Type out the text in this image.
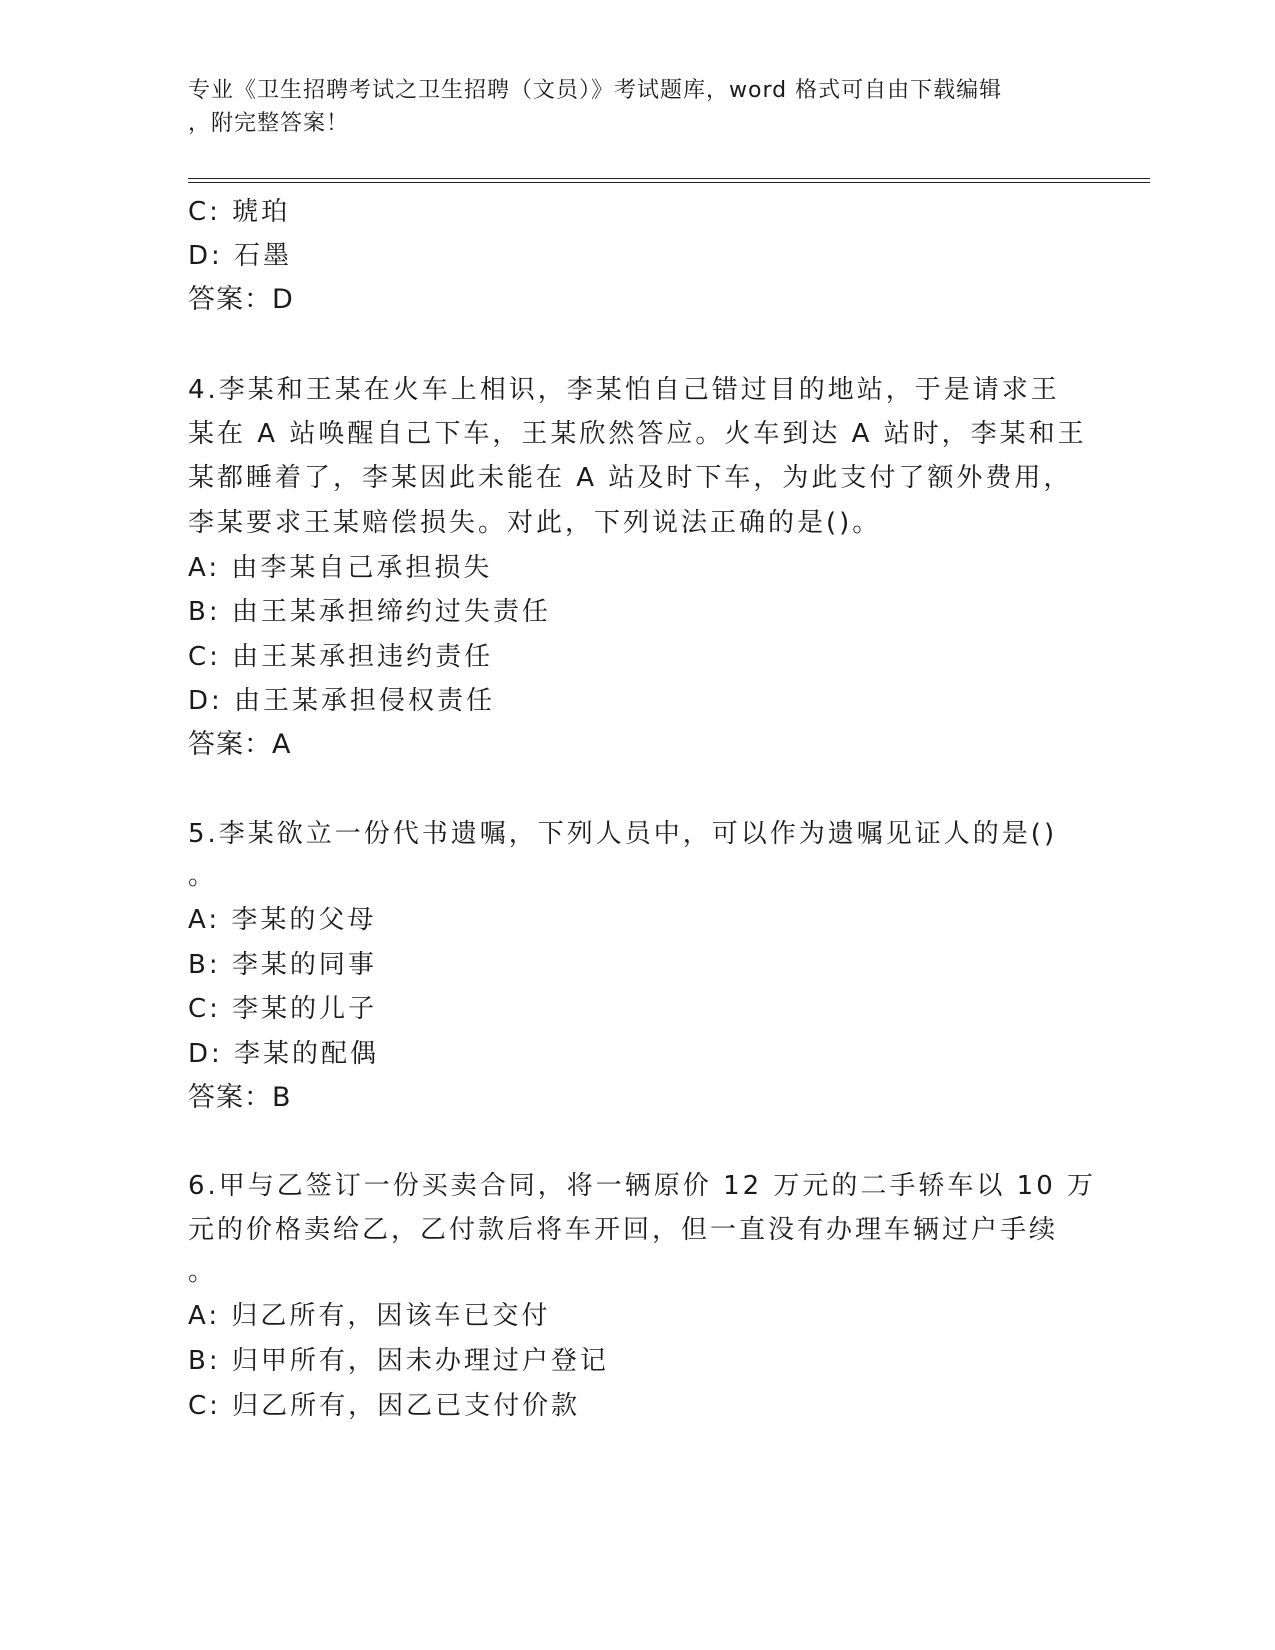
专业《卫生招聘考试之卫生招聘（文员）》考试题库，word 格式可自由下载编辑
，附完整答案！
C: 琥珀
D: 石墨
答案：D
4.李某和王某在火车上相识，李某怕自己错过目的地站，于是请求王
某在 A 站唤醒自己下车，王某欣然答应。火车到达 A 站时，李某和王
某都睡着了，李某因此未能在 A 站及时下车，为此支付了额外费用，
李某要求王某赔偿损失。对此，下列说法正确的是()。
A: 由李某自己承担损失
B: 由王某承担缔约过失责任
C: 由王某承担违约责任
D: 由王某承担侵权责任
答案：A
5.李某欲立一份代书遗嘱，下列人员中，可以作为遗嘱见证人的是()
。
A: 李某的父母
B: 李某的同事
C: 李某的儿子
D: 李某的配偶
答案：B
6.甲与乙签订一份买卖合同，将一辆原价 12 万元的二手轿车以 10 万
元的价格卖给乙，乙付款后将车开回，但一直没有办理车辆过户手续
。
A: 归乙所有，因该车已交付
B: 归甲所有，因未办理过户登记
C: 归乙所有，因乙已支付价款
